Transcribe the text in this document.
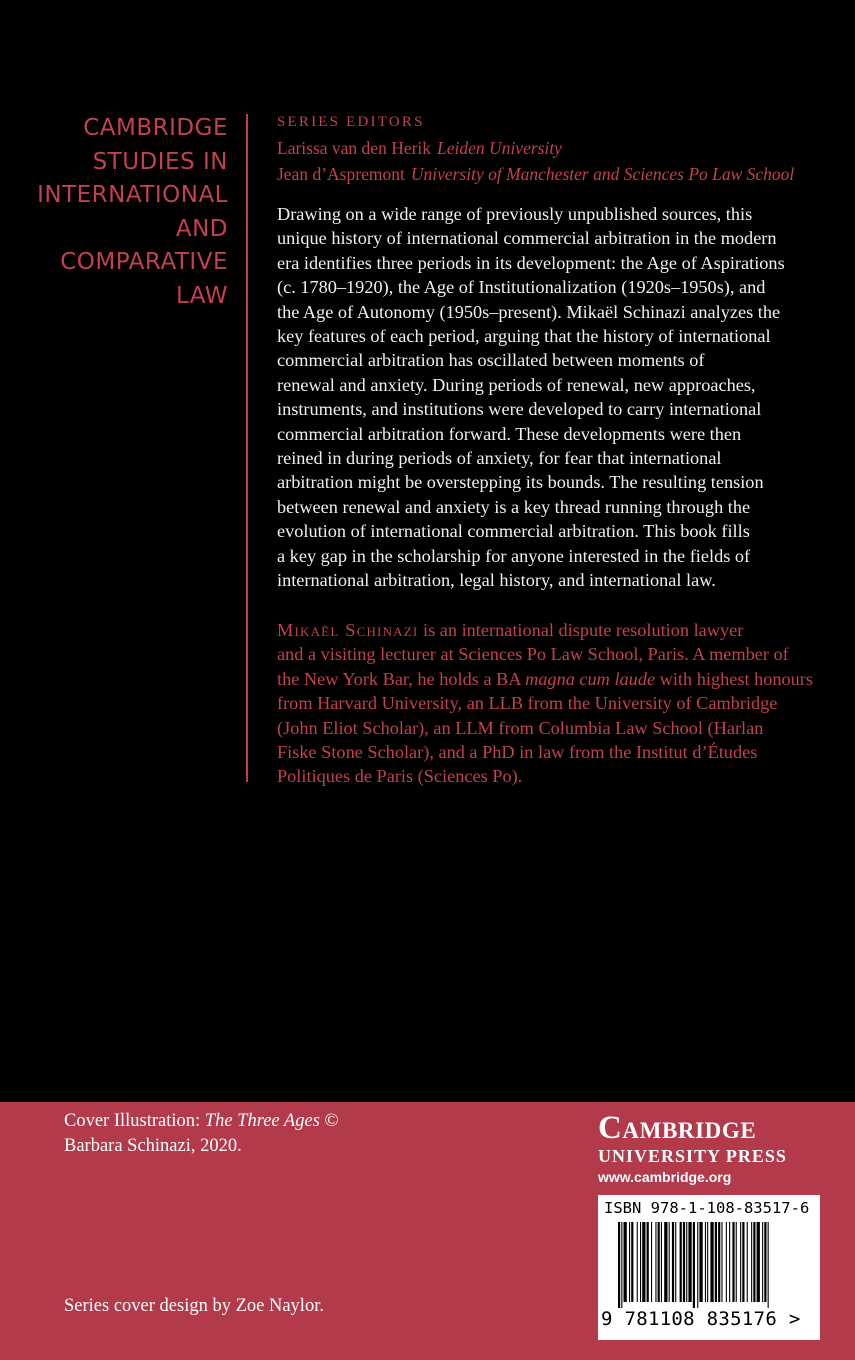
CAMBRIDGE
STUDIES IN
INTERNATIONAL
AND
COMPARATIVE
LAW
SERIES EDITORS
Larissa van den Herik Leiden University
Jean d’Aspremont University of Manchester and Sciences Po Law School
Drawing on a wide range of previously unpublished sources, this
unique history of international commercial arbitration in the modern
era identifies three periods in its development: the Age of Aspirations
(c. 1780–1920), the Age of Institutionalization (1920s–1950s), and
the Age of Autonomy (1950s–present). Mikaël Schinazi analyzes the
key features of each period, arguing that the history of international
commercial arbitration has oscillated between moments of
renewal and anxiety. During periods of renewal, new approaches,
instruments, and institutions were developed to carry international
commercial arbitration forward. These developments were then
reined in during periods of anxiety, for fear that international
arbitration might be overstepping its bounds. The resulting tension
between renewal and anxiety is a key thread running through the
evolution of international commercial arbitration. This book fills
a key gap in the scholarship for anyone interested in the fields of
international arbitration, legal history, and international law.
Mikaël Schinazi is an international dispute resolution lawyer
and a visiting lecturer at Sciences Po Law School, Paris. A member of
the New York Bar, he holds a BA magna cum laude with highest honours
from Harvard University, an LLB from the University of Cambridge
(John Eliot Scholar), an LLM from Columbia Law School (Harlan
Fiske Stone Scholar), and a PhD in law from the Institut d’Études
Politiques de Paris (Sciences Po).
Cover Illustration: The Three Ages ©
Barbara Schinazi, 2020.
Series cover design by Zoe Naylor.
Cambridge
UNIVERSITY PRESS
www.cambridge.org
ISBN 978-1-108-83517-6
9 781108 835176 >
